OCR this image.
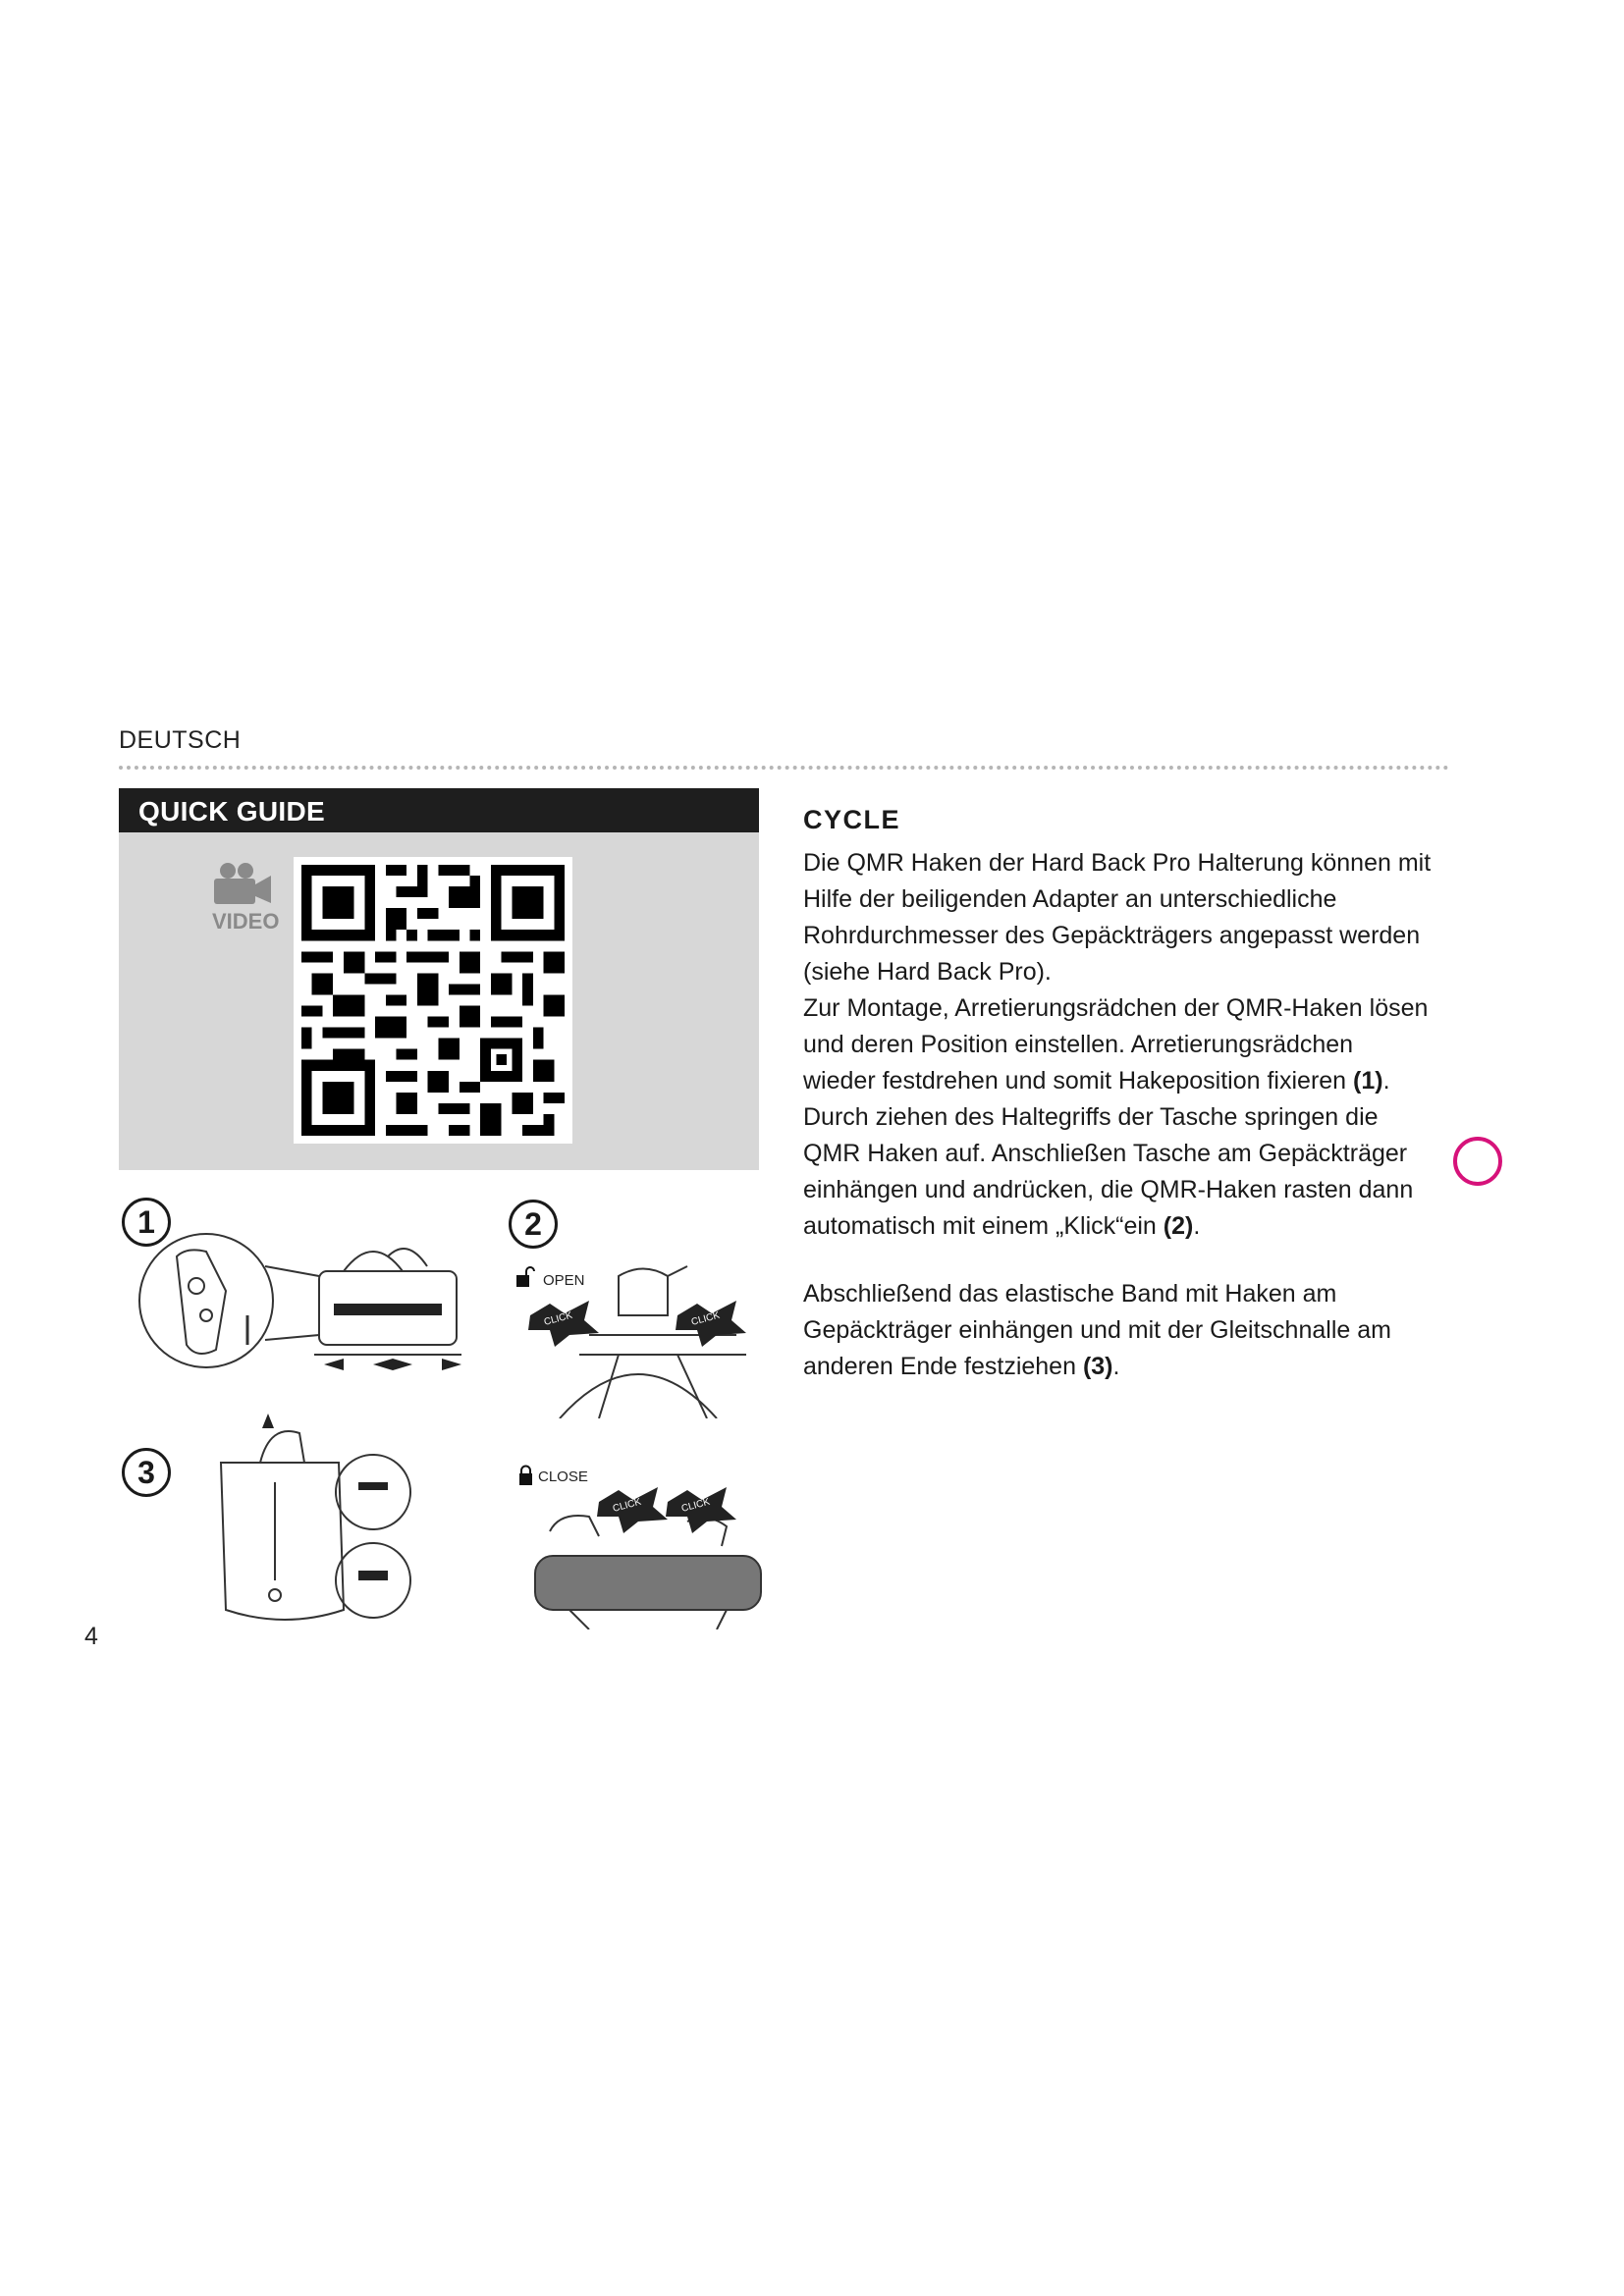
DEUTSCH
QUICK GUIDE
VIDEO
1	2
OPEN
CLICK	CLICK
CLOSE
CLICK	CLICK
3
CYCLE

Die QMR Haken der Hard Back Pro Halterung können mit Hilfe der beiligenden Adapter an unterschiedliche Rohrdurchmesser des Gepäckträgers angepasst werden (siehe Hard Back Pro).

Zur Montage, Arretierungsrädchen der QMR-Haken lösen und deren Position einstellen. Arretierungsrädchen wieder festdrehen und somit Hakeposition fixieren (1).

Durch ziehen des Haltegriffs der Tasche springen die QMR Haken auf. Anschließen Tasche am Gepäckträger einhängen und andrücken, die QMR-Haken rasten dann automatisch mit einem „Klick“ein (2).

Abschließend das elastische Band mit Haken am Gepäckträger einhängen und mit der Gleitschnalle am anderen Ende festziehen (3).

4
